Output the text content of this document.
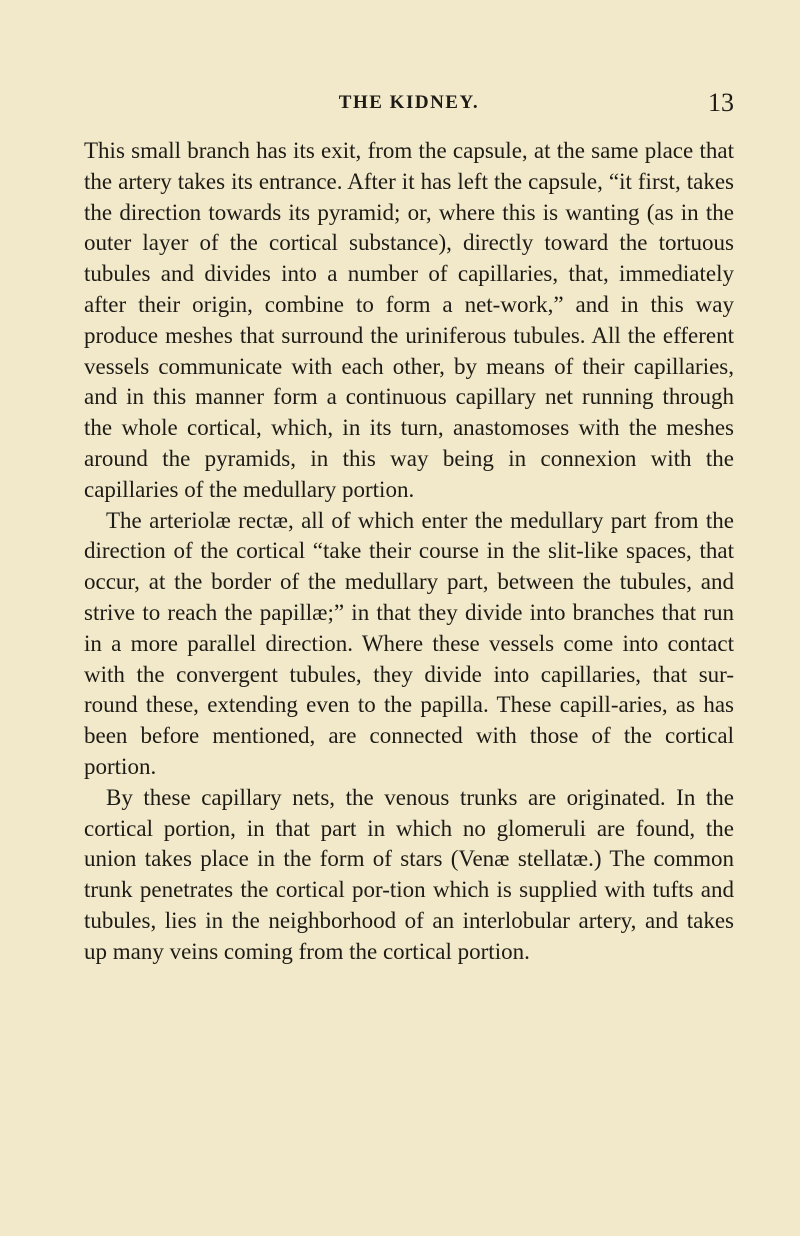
THE KIDNEY.	13

This small branch has its exit, from the capsule, at the same place that the artery takes its entrance. After it has left the capsule, “it first, takes the direction towards its pyramid; or, where this is wanting (as in the outer layer of the cortical substance), directly toward the tortuous tubules and divides into a number of capillaries, that, immediately after their origin, combine to form a net-work,” and in this way produce meshes that surround the uriniferous tubules. All the efferent vessels communicate with each other, by means of their capillaries, and in this manner form a continuous capillary net running through the whole cortical, which, in its turn, anastomoses with the meshes around the pyramids, in this way being in connexion with the capillaries of the medullary portion.

The arteriolæ rectæ, all of which enter the medullary part from the direction of the cortical “take their course in the slit-like spaces, that occur, at the border of the medullary part, between the tubules, and strive to reach the papillæ;” in that they divide into branches that run in a more parallel direction. Where these vessels come into contact with the convergent tubules, they divide into capillaries, that sur-round these, extending even to the papilla. These capill-aries, as has been before mentioned, are connected with those of the cortical portion.

By these capillary nets, the venous trunks are originated. In the cortical portion, in that part in which no glomeruli are found, the union takes place in the form of stars (Venæ stellatæ.) The common trunk penetrates the cortical por-tion which is supplied with tufts and tubules, lies in the neighborhood of an interlobular artery, and takes up many veins coming from the cortical portion.
